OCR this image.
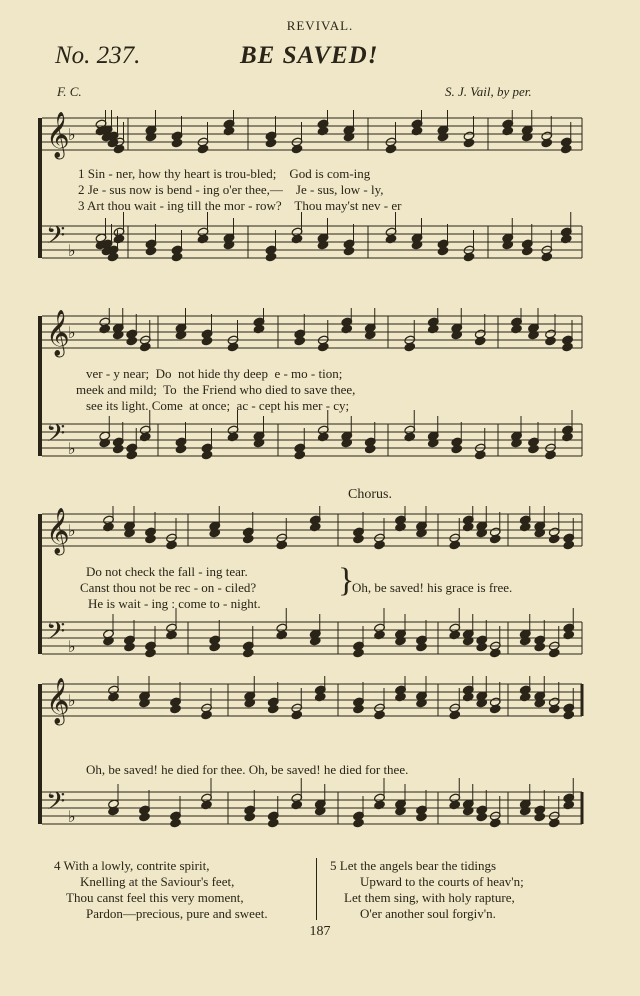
REVIVAL.
No. 237.	BE SAVED!
F. C.	S. J. Vail, by per.
𝄞
♭
𝄢 ♭
1 Sin - ner, how thy heart is trou-bled;    God is com-ing
2 Je - sus now is bend - ing o'er thee,—    Je - sus, low - ly,
3 Art thou wait - ing till the mor - row?    Thou may'st nev - er
𝄞
♭
𝄢 ♭
ver - y near;  Do  not hide thy deep  e - mo - tion;
meek and mild;  To  the Friend who died to save thee,
see its light. Come  at once;  ac - cept his mer - cy;
Chorus.
𝄞
♭
𝄢 ♭
Do not check the fall - ing tear.
Canst thou not be rec - on - ciled?
He is wait - ing : come to - night.
}
Oh, be saved! his grace is free.
𝄞
♭
𝄢 ♭
Oh, be saved! he died for thee. Oh, be saved! he died for thee.
4 With a lowly, contrite spirit,
Knelling at the Saviour's feet,
Thou canst feel this very moment,
Pardon—precious, pure and sweet.
5 Let the angels bear the tidings
Upward to the courts of heav'n;
Let them sing, with holy rapture,
O'er another soul forgiv'n.
187
